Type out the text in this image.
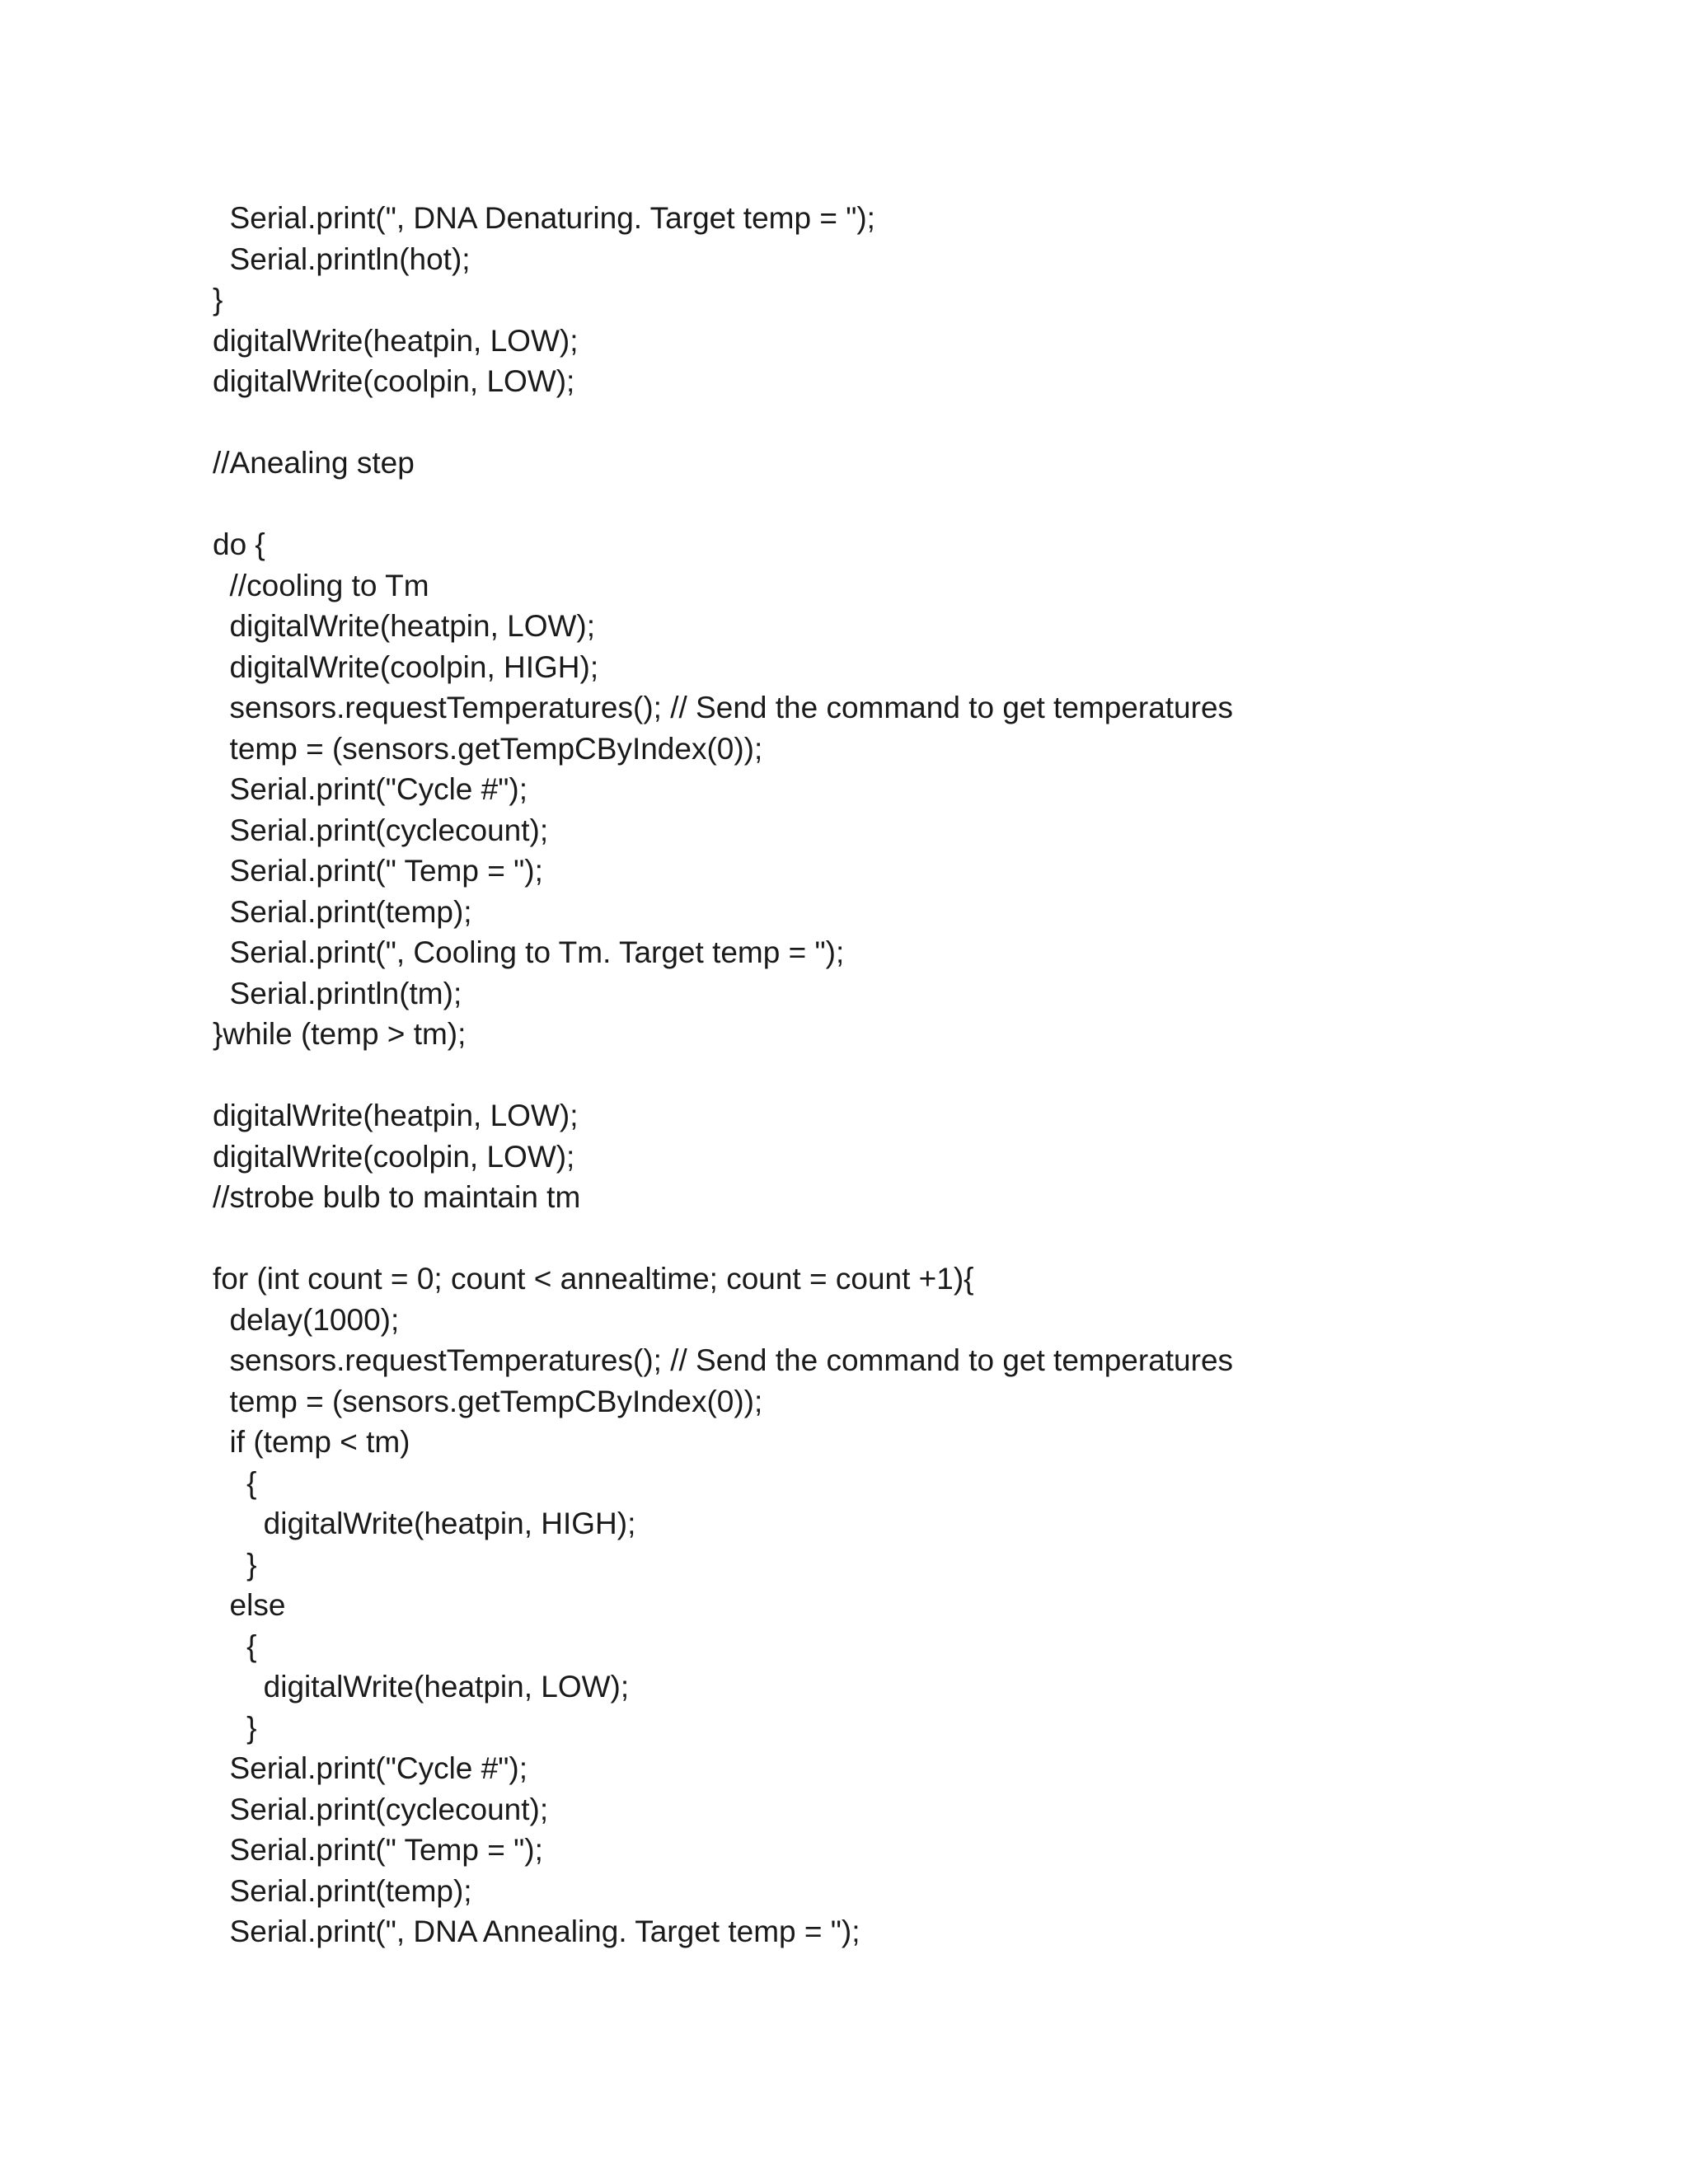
Serial.print(", DNA Denaturing. Target temp = ");
Serial.println(hot);
}
digitalWrite(heatpin, LOW);
digitalWrite(coolpin, LOW);
//Anealing step
do {
//cooling to Tm
digitalWrite(heatpin, LOW);
digitalWrite(coolpin, HIGH);
sensors.requestTemperatures(); // Send the command to get temperatures
temp = (sensors.getTempCByIndex(0));
Serial.print("Cycle #");
Serial.print(cyclecount);
Serial.print(" Temp = ");
Serial.print(temp);
Serial.print(", Cooling to Tm. Target temp = ");
Serial.println(tm);
}while (temp > tm);
digitalWrite(heatpin, LOW);
digitalWrite(coolpin, LOW);
//strobe bulb to maintain tm
for (int count = 0; count < annealtime; count = count +1){
delay(1000);
sensors.requestTemperatures(); // Send the command to get temperatures
temp = (sensors.getTempCByIndex(0));
if (temp < tm)
{
digitalWrite(heatpin, HIGH);
}
else
{
digitalWrite(heatpin, LOW);
}
Serial.print("Cycle #");
Serial.print(cyclecount);
Serial.print(" Temp = ");
Serial.print(temp);
Serial.print(", DNA Annealing. Target temp = ");
